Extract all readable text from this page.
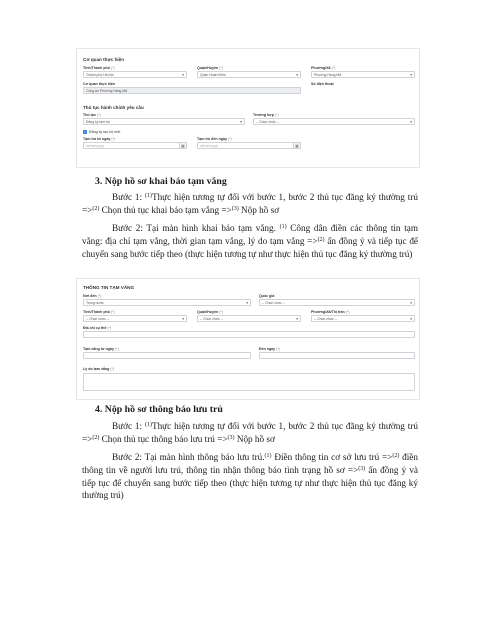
Cơ quan thực hiện
Tỉnh/Thành phố (*)
Thành phố Hà Nội	▾
Quận/Huyện (*)
Quận Hoàn Kiếm	▾
Phường/Xã (*)
Phường Hàng Mã	▾
Cơ quan thực hiện
Công An Phường Hàng Mã
Số điện thoại
Thủ tục hành chính yêu cầu
Thủ tục (*)
Đăng ký tạm trú	▾
Trường hợp (*)
-- Chọn chức --	▾
✓ Đăng ký tạo hộ mới
Tạm trú từ ngày (*)
dd/mm/yyyy	▦
Tạm trú đến ngày (*)
dd/mm/yyyy	▦
3. Nộp hồ sơ khai báo tạm vắng

Bước 1: $^{(1)}$Thực hiện tương tự đối với bước 1, bước 2 thủ tục đăng ký thường trú =>$^{(2)}$ Chọn thủ tục khai báo tạm vắng =>$^{(3)}$ Nộp hồ sơ

Bước 2: Tại màn hình khai báo tạm vắng. $^{(1)}$ Công dân điền các thông tin tạm vắng: địa chỉ tạm vắng, thời gian tạm vắng, lý do tạm vắng =>$^{(2)}$ ấn đồng ý và tiếp tục để chuyển sang bước tiếp theo (thực hiện tương tự như thực hiện thủ tục đăng ký thường trú)

THÔNG TIN TẠM VẮNG
Nơi đến (*)
Trong nước	▾
Quốc gia
-- Chọn chức --	▾
Tỉnh/Thành phố (*)
-- Chọn chức --	▾
Quận/Huyện (*)
-- Chọn chức --	▾
Phường/Xã/Thị trấn (*)
-- Chọn chức --	▾
Địa chỉ cụ thể (*)
Tạm vắng từ ngày (*)	Đến ngày (*)
Lý do tạm vắng (*)
4. Nộp hồ sơ thông báo lưu trú

Bước 1: $^{(1)}$Thực hiện tương tự đối với bước 1, bước 2 thủ tục đăng ký thường trú =>$^{(2)}$ Chọn thủ tục thông báo lưu trú =>$^{(3)}$ Nộp hồ sơ

Bước 2: Tại màn hình thông báo lưu trú.$^{(1)}$ Điền thông tin cơ sở lưu trú =>$^{(2)}$ điền thông tin về người lưu trú, thông tin nhận thông báo tình trạng hồ sơ =>$^{(3)}$ ấn đồng ý và tiếp tục để chuyển sang bước tiếp theo (thực hiện tương tự như thực hiện thủ tục đăng ký thường trú)
